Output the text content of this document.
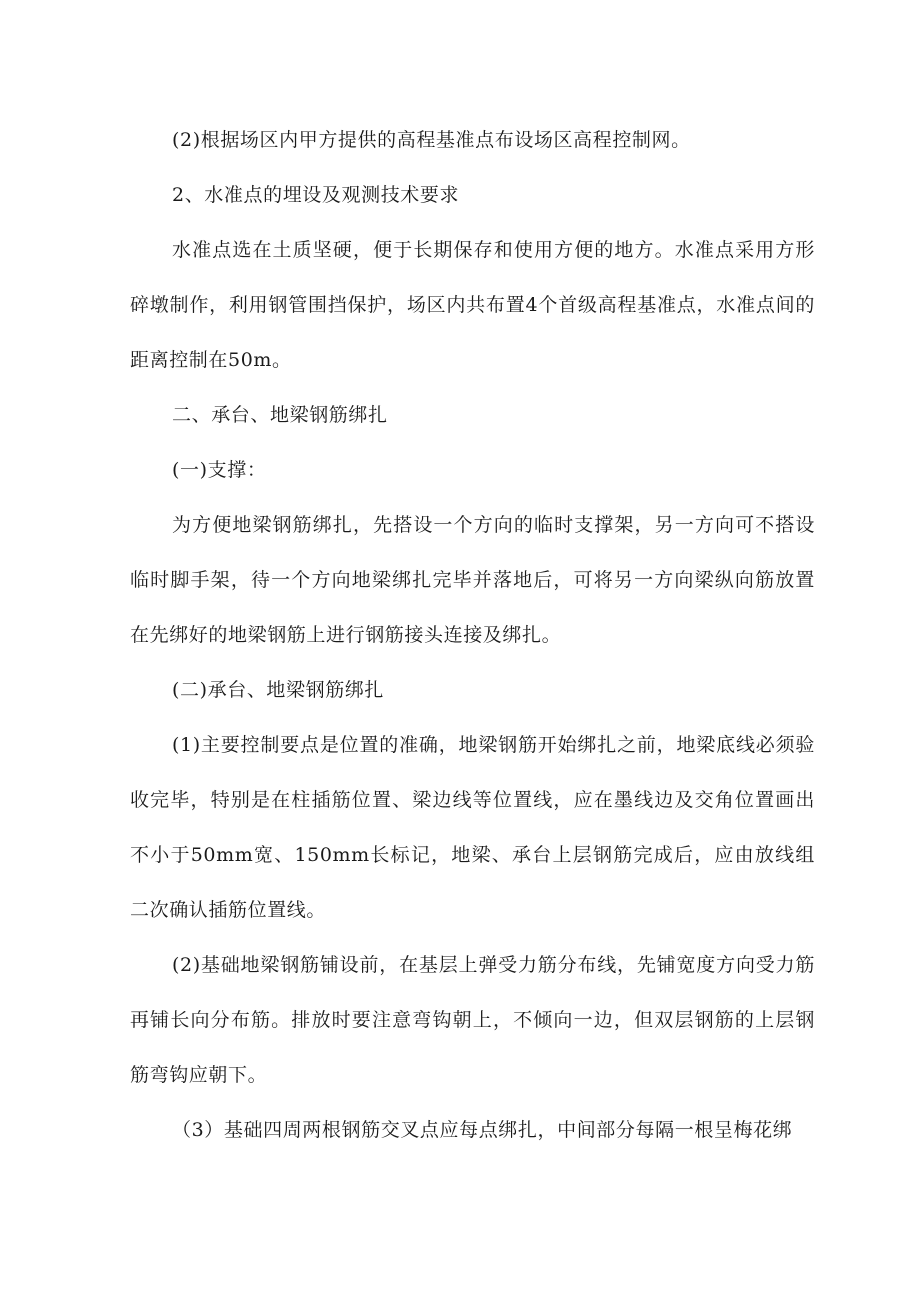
(2)根据场区内甲方提供的高程基准点布设场区高程控制网。

2、水准点的埋设及观测技术要求

水准点选在土质坚硬，便于长期保存和使用方便的地方。水准点采用方形碎墩制作，利用钢管围挡保护，场区内共布置4个首级高程基准点，水准点间的距离控制在50m。

二、承台、地梁钢筋绑扎

(一)支撑：

为方便地梁钢筋绑扎，先搭设一个方向的临时支撑架，另一方向可不搭设临时脚手架，待一个方向地梁绑扎完毕并落地后，可将另一方向梁纵向筋放置在先绑好的地梁钢筋上进行钢筋接头连接及绑扎。

(二)承台、地梁钢筋绑扎

(1)主要控制要点是位置的准确，地梁钢筋开始绑扎之前，地梁底线必须验收完毕，特别是在柱插筋位置、梁边线等位置线，应在墨线边及交角位置画出不小于50mm宽、150mm长标记，地梁、承台上层钢筋完成后，应由放线组二次确认插筋位置线。

(2)基础地梁钢筋铺设前，在基层上弹受力筋分布线，先铺宽度方向受力筋再铺长向分布筋。排放时要注意弯钩朝上，不倾向一边，但双层钢筋的上层钢筋弯钩应朝下。

（3）基础四周两根钢筋交叉点应每点绑扎，中间部分每隔一根呈梅花绑
